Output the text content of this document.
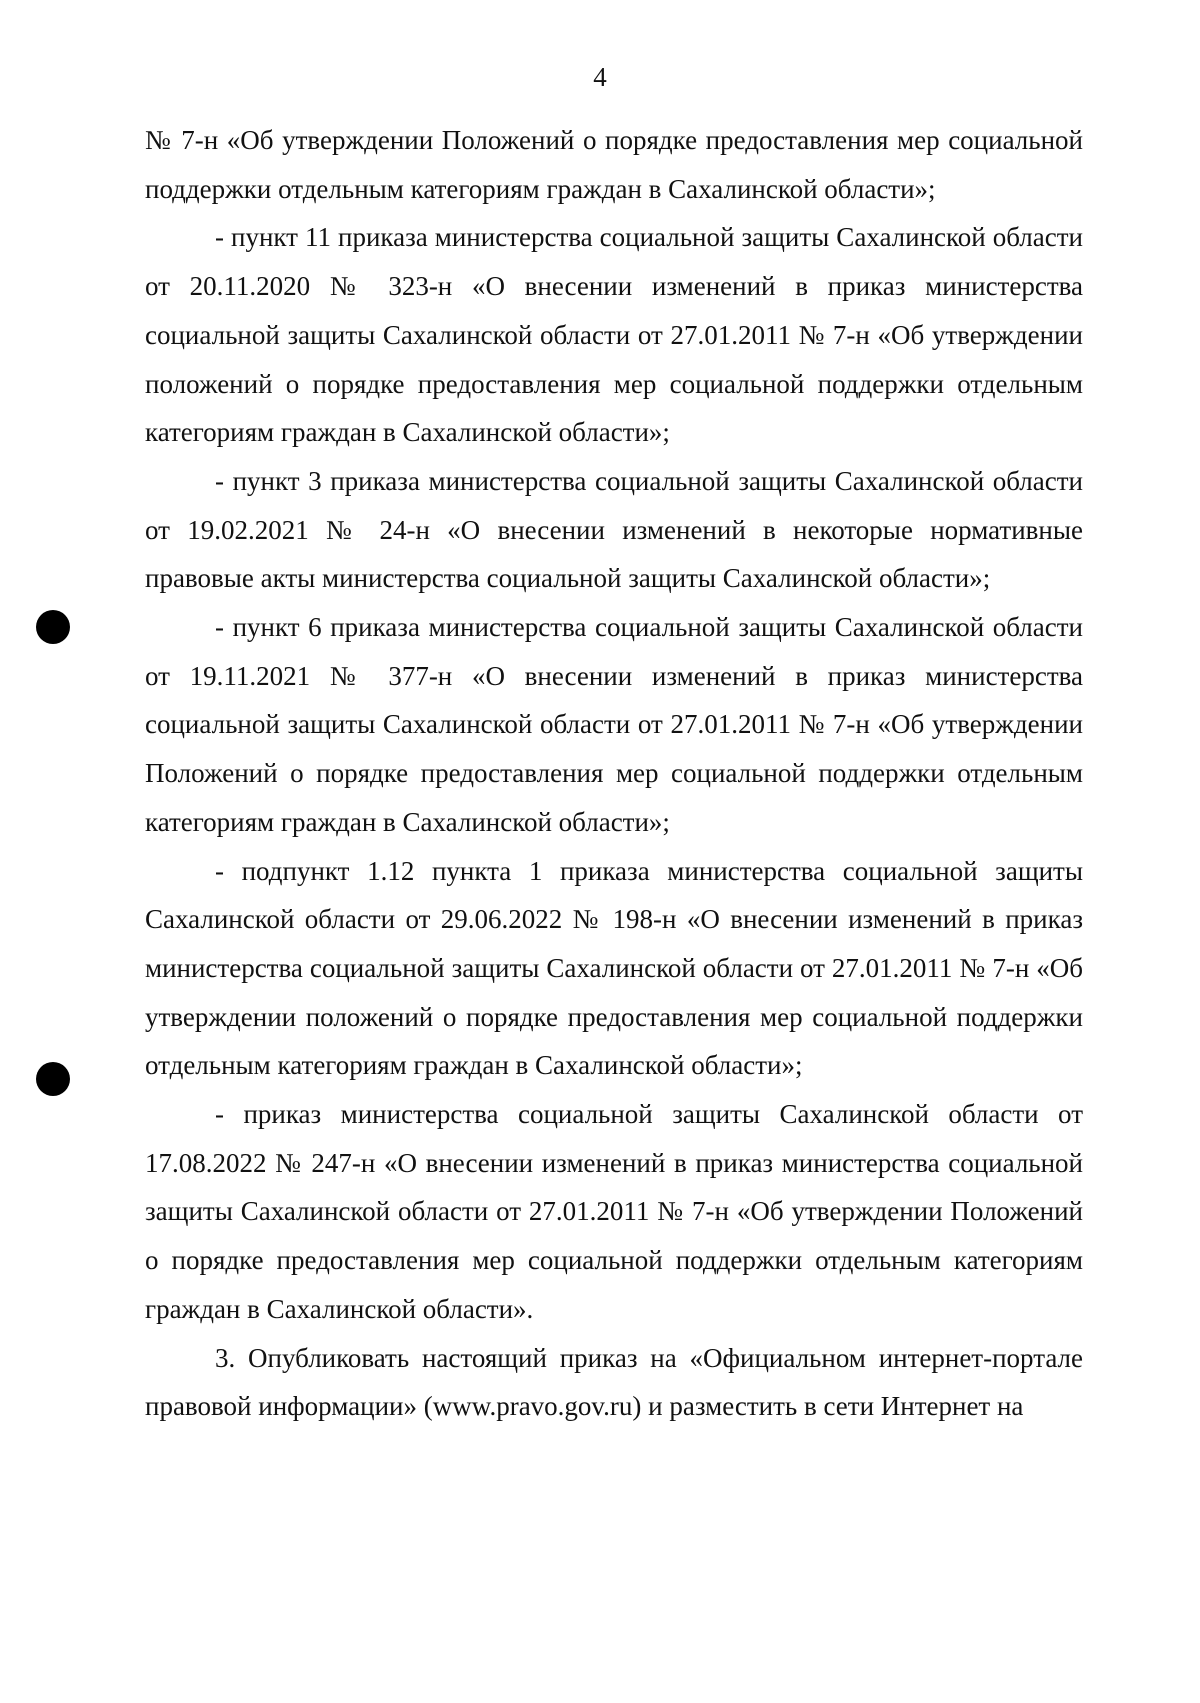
4

№ 7-н «Об утверждении Положений о порядке предоставления мер социальной поддержки отдельным категориям граждан в Сахалинской области»;

- пункт 11 приказа министерства социальной защиты Сахалинской области от 20.11.2020 № 323-н «О внесении изменений в приказ министерства социальной защиты Сахалинской области от 27.01.2011 № 7-н «Об утверждении положений о порядке предоставления мер социальной поддержки отдельным категориям граждан в Сахалинской области»;

- пункт 3 приказа министерства социальной защиты Сахалинской области от 19.02.2021 № 24-н «О внесении изменений в некоторые нормативные правовые акты министерства социальной защиты Сахалинской области»;

- пункт 6 приказа министерства социальной защиты Сахалинской области от 19.11.2021 № 377-н «О внесении изменений в приказ министерства социальной защиты Сахалинской области от 27.01.2011 № 7-н «Об утверждении Положений о порядке предоставления мер социальной поддержки отдельным категориям граждан в Сахалинской области»;

- подпункт 1.12 пункта 1 приказа министерства социальной защиты Сахалинской области от 29.06.2022 № 198-н «О внесении изменений в приказ министерства социальной защиты Сахалинской области от 27.01.2011 № 7-н «Об утверждении положений о порядке предоставления мер социальной поддержки отдельным категориям граждан в Сахалинской области»;

- приказ министерства социальной защиты Сахалинской области от 17.08.2022 № 247-н «О внесении изменений в приказ министерства социальной защиты Сахалинской области от 27.01.2011 № 7-н «Об утверждении Положений о порядке предоставления мер социальной поддержки отдельным категориям граждан в Сахалинской области».

3. Опубликовать настоящий приказ на «Официальном интернет-портале правовой информации» (www.pravo.gov.ru) и разместить в сети Интернет на
